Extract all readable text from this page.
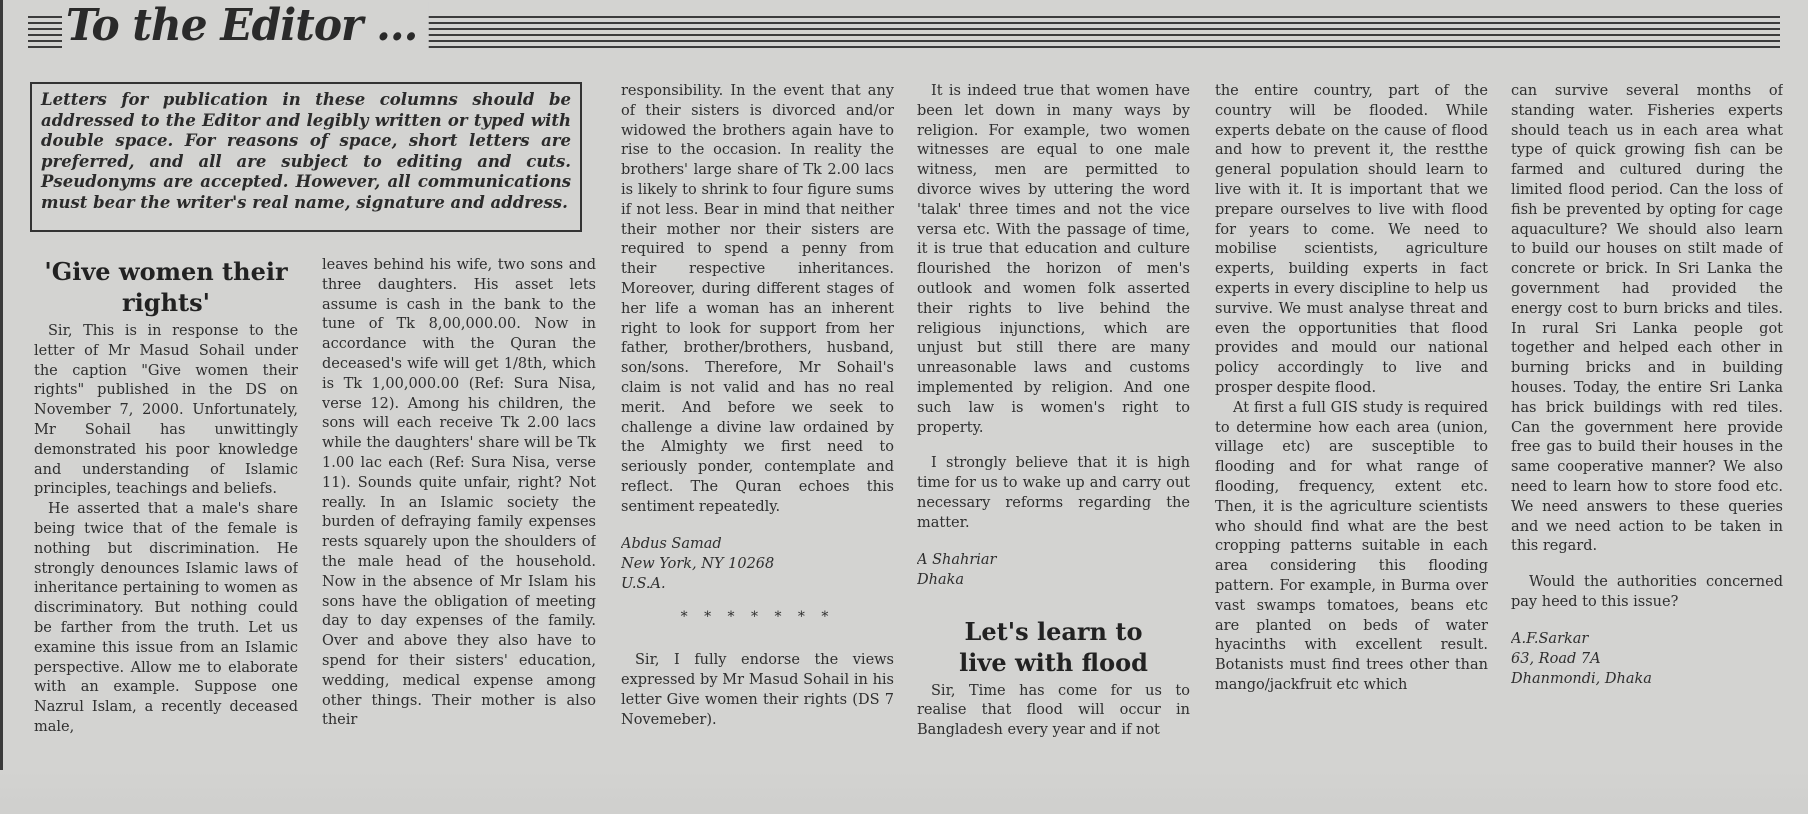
To the Editor ...
Letters for publication in these columns should be addressed to the Editor and legibly written or typed with double space. For reasons of space, short letters are preferred, and all are subject to editing and cuts. Pseudonyms are accepted. However, all communications must bear the writer's real name, signature and address.
'Give women their rights'

Sir, This is in response to the letter of Mr Masud Sohail under the caption "Give women their rights" published in the DS on November 7, 2000. Unfortunately, Mr Sohail has unwittingly demonstrated his poor knowledge and understanding of Islamic principles, teachings and beliefs.

He asserted that a male's share being twice that of the female is nothing but discrimination. He strongly denounces Islamic laws of inheritance pertaining to women as discriminatory. But nothing could be farther from the truth. Let us examine this issue from an Islamic perspective. Allow me to elaborate with an example. Suppose one Nazrul Islam, a recently deceased male,

leaves behind his wife, two sons and three daughters. His asset lets assume is cash in the bank to the tune of Tk 8,00,000.00. Now in accordance with the Quran the deceased's wife will get 1/8th, which is Tk 1,00,000.00 (Ref: Sura Nisa, verse 12). Among his children, the sons will each receive Tk 2.00 lacs while the daughters' share will be Tk 1.00 lac each (Ref: Sura Nisa, verse 11). Sounds quite unfair, right? Not really. In an Islamic society the burden of defraying family expenses rests squarely upon the shoulders of the male head of the household. Now in the absence of Mr Islam his sons have the obligation of meeting day to day expenses of the family. Over and above they also have to spend for their sisters' education, wedding, medical expense among other things. Their mother is also their

responsibility. In the event that any of their sisters is divorced and/or widowed the brothers again have to rise to the occasion. In reality the brothers' large share of Tk 2.00 lacs is likely to shrink to four figure sums if not less. Bear in mind that neither their mother nor their sisters are required to spend a penny from their respective inheritances. Moreover, during different stages of her life a woman has an inherent right to look for support from her father, brother/brothers, husband, son/sons. Therefore, Mr Sohail's claim is not valid and has no real merit. And before we seek to challenge a divine law ordained by the Almighty we first need to seriously ponder, contemplate and reflect. The Quran echoes this sentiment repeatedly.

Abdus Samad
New York, NY 10268
U.S.A.
* * * * * * *

Sir, I fully endorse the views expressed by Mr Masud Sohail in his letter Give women their rights (DS 7 Novemeber).

It is indeed true that women have been let down in many ways by religion. For example, two women witnesses are equal to one male witness, men are permitted to divorce wives by uttering the word 'talak' three times and not the vice versa etc. With the passage of time, it is true that education and culture flourished the horizon of men's outlook and women folk asserted their rights to live behind the religious injunctions, which are unjust but still there are many unreasonable laws and customs implemented by religion. And one such law is women's right to property.

I strongly believe that it is high time for us to wake up and carry out necessary reforms regarding the matter.

A Shahriar
Dhaka
Let's learn to live with flood

Sir, Time has come for us to realise that flood will occur in Bangladesh every year and if not

the entire country, part of the country will be flooded. While experts debate on the cause of flood and how to prevent it, the restthe general population should learn to live with it. It is important that we prepare ourselves to live with flood for years to come. We need to mobilise scientists, agriculture experts, building experts in fact experts in every discipline to help us survive. We must analyse threat and even the opportunities that flood provides and mould our national policy accordingly to live and prosper despite flood.

At first a full GIS study is required to determine how each area (union, village etc) are susceptible to flooding and for what range of flooding, frequency, extent etc. Then, it is the agriculture scientists who should find what are the best cropping patterns suitable in each area considering this flooding pattern. For example, in Burma over vast swamps tomatoes, beans etc are planted on beds of water hyacinths with excellent result. Botanists must find trees other than mango/jackfruit etc which

can survive several months of standing water. Fisheries experts should teach us in each area what type of quick growing fish can be farmed and cultured during the limited flood period. Can the loss of fish be prevented by opting for cage aquaculture? We should also learn to build our houses on stilt made of concrete or brick. In Sri Lanka the government had provided the energy cost to burn bricks and tiles. In rural Sri Lanka people got together and helped each other in burning bricks and in building houses. Today, the entire Sri Lanka has brick buildings with red tiles. Can the government here provide free gas to build their houses in the same cooperative manner? We also need to learn how to store food etc. We need answers to these queries and we need action to be taken in this regard.

Would the authorities concerned pay heed to this issue?

A.F.Sarkar
63, Road 7A
Dhanmondi, Dhaka
